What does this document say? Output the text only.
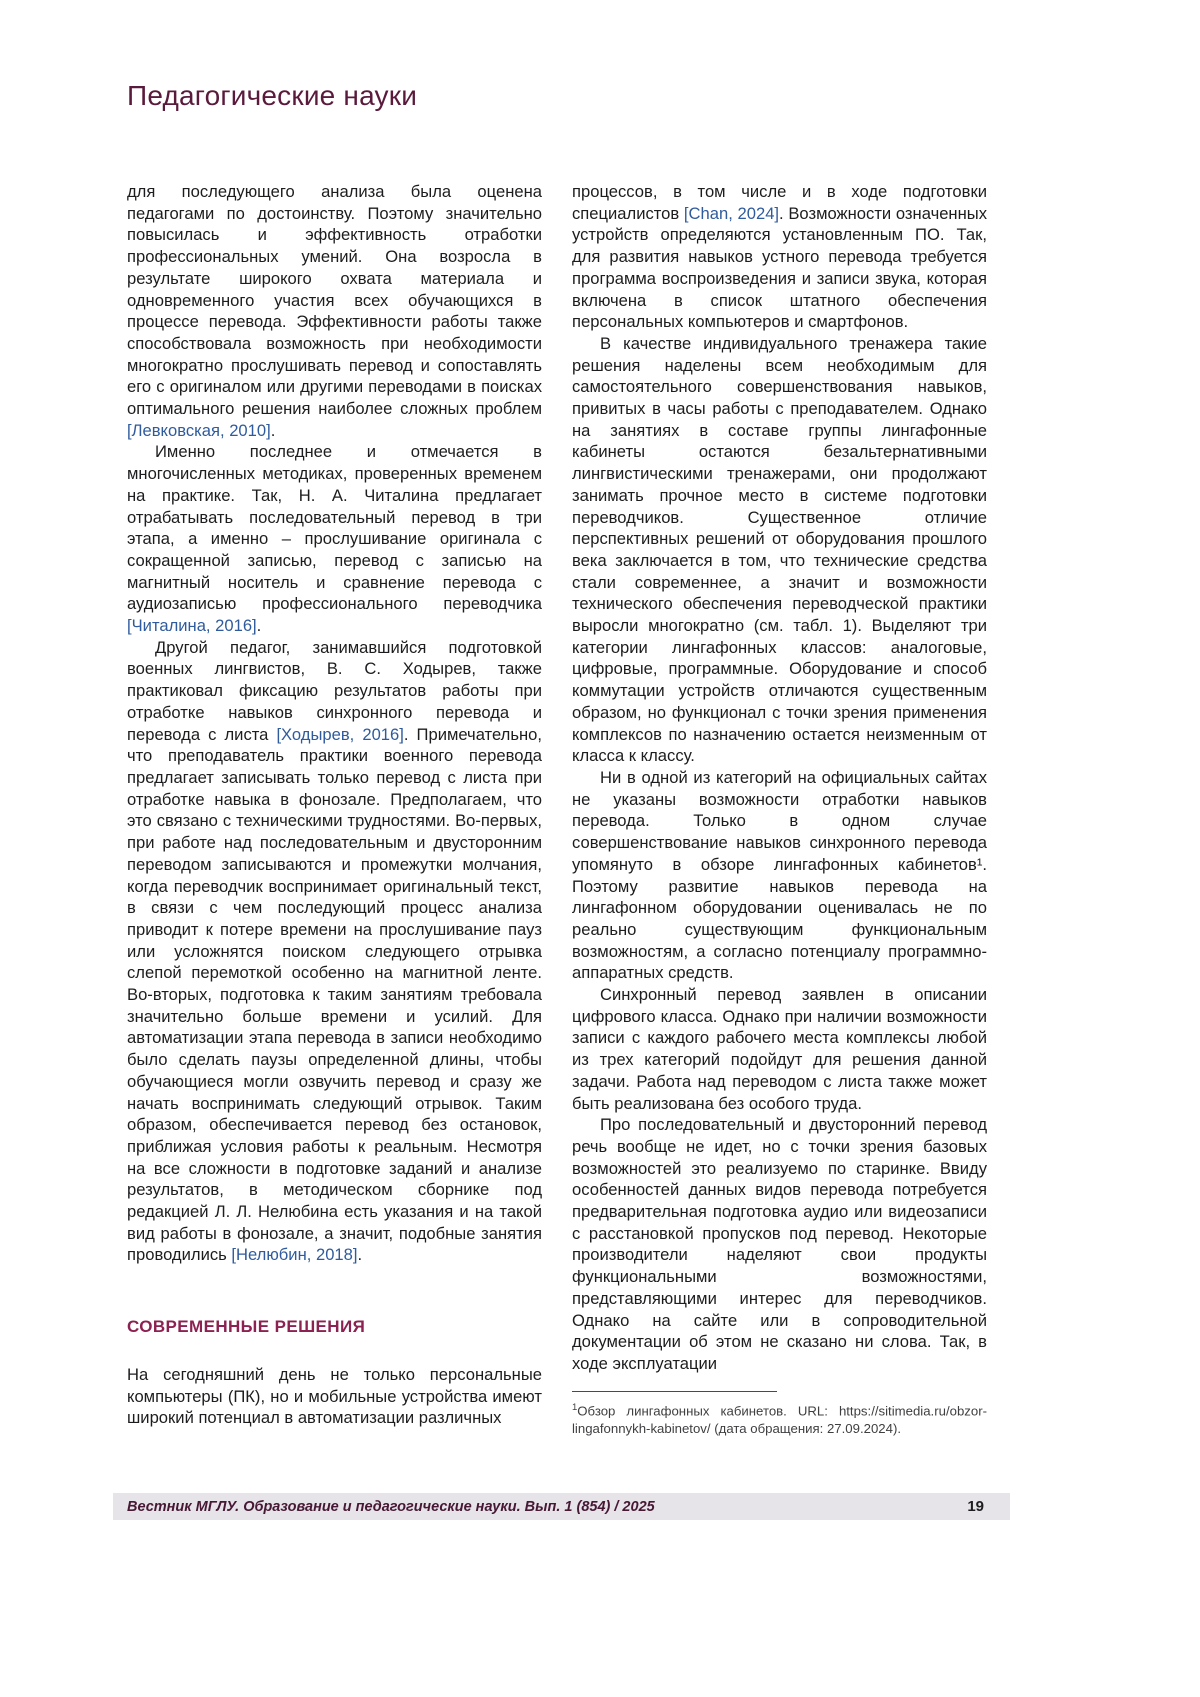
Педагогические науки

для последующего анализа была оценена педагогами по достоинству. Поэтому значительно повысилась и эффективность отработки профессиональных умений. Она возросла в результате широкого охвата материала и одновременного участия всех обучающихся в процессе перевода. Эффективности работы также способствовала возможность при необходимости многократно прослушивать перевод и сопоставлять его с оригиналом или другими переводами в поисках оптимального решения наиболее сложных проблем [Левковская, 2010].

Именно последнее и отмечается в многочисленных методиках, проверенных временем на практике. Так, Н. А. Читалина предлагает отрабатывать последовательный перевод в три этапа, а именно – прослушивание оригинала с сокращенной записью, перевод с записью на магнитный носитель и сравнение перевода с аудиозаписью профессионального переводчика [Читалина, 2016].

Другой педагог, занимавшийся подготовкой военных лингвистов, В. С. Ходырев, также практиковал фиксацию результатов работы при отработке навыков синхронного перевода и перевода с листа [Ходырев, 2016]. Примечательно, что преподаватель практики военного перевода предлагает записывать только перевод с листа при отработке навыка в фонозале. Предполагаем, что это связано с техническими трудностями. Во-первых, при работе над последовательным и двусторонним переводом записываются и промежутки молчания, когда переводчик воспринимает оригинальный текст, в связи с чем последующий процесс анализа приводит к потере времени на прослушивание пауз или усложнятся поиском следующего отрывка слепой перемоткой особенно на магнитной ленте. Во-вторых, подготовка к таким занятиям требовала значительно больше времени и усилий. Для автоматизации этапа перевода в записи необходимо было сделать паузы определенной длины, чтобы обучающиеся могли озвучить перевод и сразу же начать воспринимать следующий отрывок. Таким образом, обеспечивается перевод без остановок, приближая условия работы к реальным. Несмотря на все сложности в подготовке заданий и анализе результатов, в методическом сборнике под редакцией Л. Л. Нелюбина есть указания и на такой вид работы в фонозале, а значит, подобные занятия проводились [Нелюбин, 2018].

СОВРЕМЕННЫЕ РЕШЕНИЯ

На сегодняшний день не только персональные компьютеры (ПК), но и мобильные устройства имеют широкий потенциал в автоматизации различных

процессов, в том числе и в ходе подготовки специалистов [Chan, 2024]. Возможности означенных устройств определяются установленным ПО. Так, для развития навыков устного перевода требуется программа воспроизведения и записи звука, которая включена в список штатного обеспечения персональных компьютеров и смартфонов.

В качестве индивидуального тренажера такие решения наделены всем необходимым для самостоятельного совершенствования навыков, привитых в часы работы с преподавателем. Однако на занятиях в составе группы лингафонные кабинеты остаются безальтернативными лингвистическими тренажерами, они продолжают занимать прочное место в системе подготовки переводчиков. Существенное отличие перспективных решений от оборудования прошлого века заключается в том, что технические средства стали современнее, а значит и возможности технического обеспечения переводческой практики выросли многократно (см. табл. 1). Выделяют три категории лингафонных классов: аналоговые, цифровые, программные. Оборудование и способ коммутации устройств отличаются существенным образом, но функционал с точки зрения применения комплексов по назначению остается неизменным от класса к классу.

Ни в одной из категорий на официальных сайтах не указаны возможности отработки навыков перевода. Только в одном случае совершенствование навыков синхронного перевода упомянуто в обзоре лингафонных кабинетов¹. Поэтому развитие навыков перевода на лингафонном оборудовании оценивалась не по реально существующим функциональным возможностям, а согласно потенциалу программно-аппаратных средств.

Синхронный перевод заявлен в описании цифрового класса. Однако при наличии возможности записи с каждого рабочего места комплексы любой из трех категорий подойдут для решения данной задачи. Работа над переводом с листа также может быть реализована без особого труда.

Про последовательный и двусторонний перевод речь вообще не идет, но с точки зрения базовых возможностей это реализуемо по старинке. Ввиду особенностей данных видов перевода потребуется предварительная подготовка аудио или видеозаписи с расстановкой пропусков под перевод. Некоторые производители наделяют свои продукты функциональными возможностями, представляющими интерес для переводчиков. Однако на сайте или в сопроводительной документации об этом не сказано ни слова. Так, в ходе эксплуатации

$^1$Обзор лингафонных кабинетов. URL: https://sitimedia.ru/obzor-lingafonnykh-kabinetov/ (дата обращения: 27.09.2024).

Вестник МГЛУ. Образование и педагогические науки. Вып. 1 (854) / 2025	19
